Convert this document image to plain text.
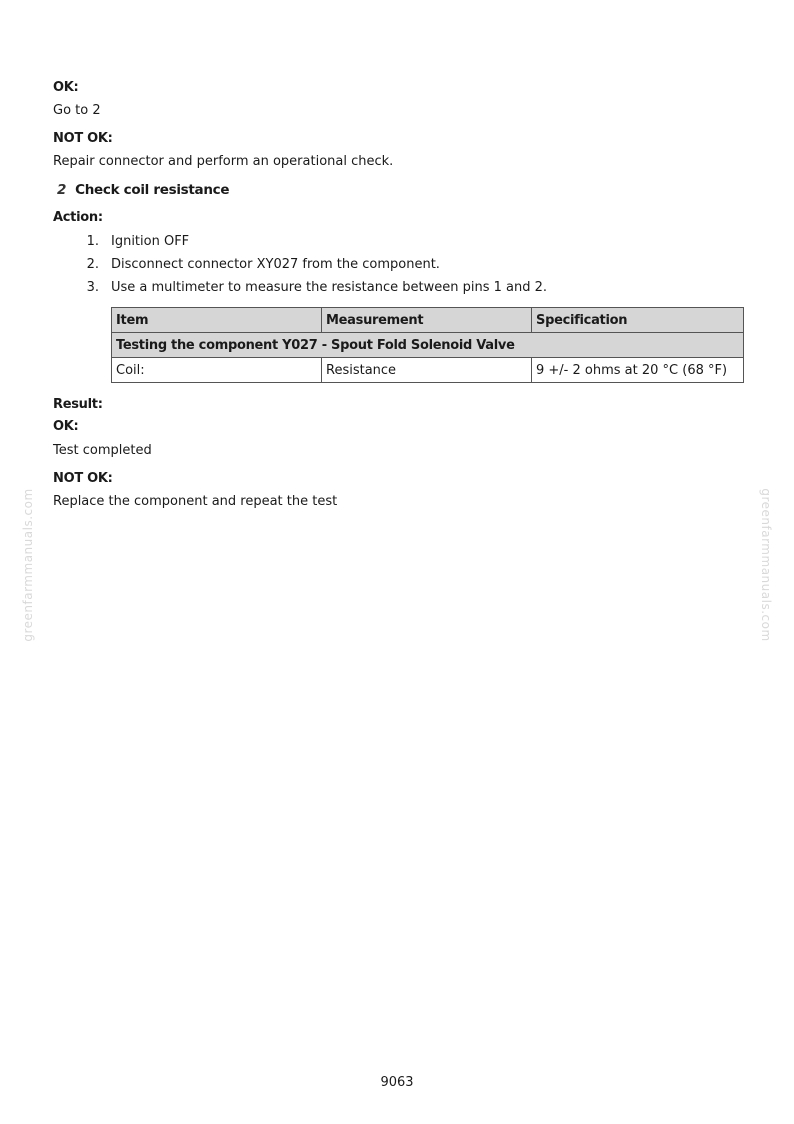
OK:
Go to 2
NOT OK:
Repair connector and perform an operational check.
2 Check coil resistance
Action:
1. Ignition OFF
2. Disconnect connector XY027 from the component.
3. Use a multimeter to measure the resistance between pins 1 and 2.
Item	Measurement	Specification
Testing the component Y027 - Spout Fold Solenoid Valve		
Coil:	Resistance	9 +/- 2 ohms at 20 °C (68 °F)
Result:
OK:
Test completed
NOT OK:
Replace the component and repeat the test
greenfarmmanuals.com	greenfarmmanuals.com
9063
